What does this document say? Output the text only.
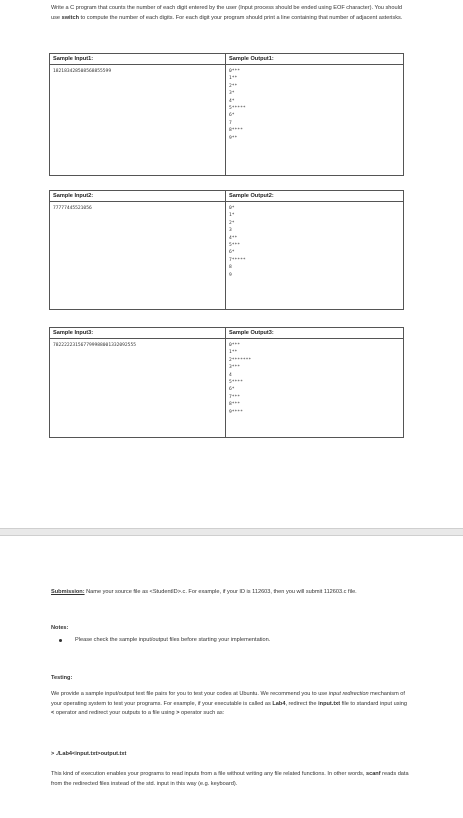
Write a C program that counts the number of each digit entered by the user (Input process should be ended using EOF character). You should use switch to compute the number of each digits. For each digit your program should print a line containing that number of adjacent asterisks.
Sample Input1:	Sample Output1:
182183428508568855599	0***
1**
2**
3*
4*
5*****
6*
7
8****
9**
Sample Input2:	Sample Output2:
77777445521056	0*
1*
2*
3
4**
5***
6*
7*****
8
9
Sample Input3:	Sample Output3:
782222231567799988001332092555	0***
1**
2*******
3***
4
5****
6*
7***
8***
9****
Submission: Name your source file as <StudentID>.c. For example, if your ID is 112603, then you will submit 112603.c file.
Notes:
Please check the sample input/output files before starting your implementation.
Testing:
We provide a sample input/output text file pairs for you to test your codes at Ubuntu. We recommend you to use input redirection mechanism of your operating system to test your programs. For example, if your executable is called as Lab4, redirect the input.txt file to standard input using < operator and redirect your outputs to a file using > operator such as:
> ./Lab4<input.txt>output.txt
This kind of execution enables your programs to read inputs from a file without writing any file related functions. In other words, scanf reads data from the redirected files instead of the std. input in this way (e.g. keyboard).
